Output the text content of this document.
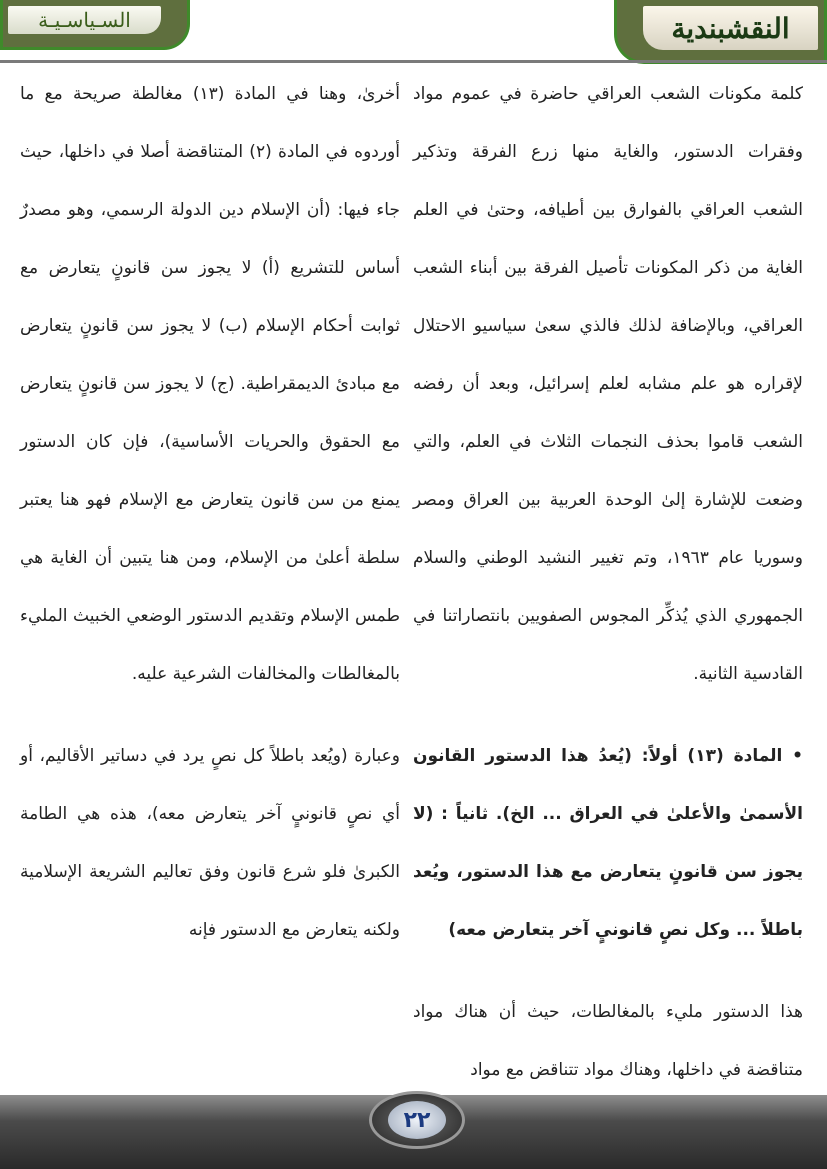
السـياسـيـة	النقشبندية

كلمة مكونات الشعب العراقي حاضرة في عموم مواد وفقرات الدستور، والغاية منها زرع الفرقة وتذكير الشعب العراقي بالفوارق بين أطيافه، وحتىٰ في العلم الغاية من ذكر المكونات تأصيل الفرقة بين أبناء الشعب العراقي، وبالإضافة لذلك فالذي سعىٰ سياسيو الاحتلال لإقراره هو علم مشابه لعلم إسرائيل، وبعد أن رفضه الشعب قاموا بحذف النجمات الثلاث في العلم، والتي وضعت للإشارة إلىٰ الوحدة العربية بين العراق ومصر وسوريا عام ١٩٦٣، وتم تغيير النشيد الوطني والسلام الجمهوري الذي يُذكِّر المجوس الصفويين بانتصاراتنا في القادسية الثانية.

• المادة (١٣) أولاً: (يُعدُ هذا الدستور القانون الأسمىٰ والأعلىٰ في العراق ... الخ). ثانياً : (لا يجوز سن قانونٍ يتعارض مع هذا الدستور، ويُعد باطلاً ... وكل نصٍ قانونيٍ آخر يتعارض معه)

هذا الدستور مليء بالمغالطات، حيث أن هناك مواد متناقضة في داخلها، وهناك مواد تتناقض مع مواد

أخرىٰ، وهنا في المادة (١٣) مغالطة صريحة مع ما أوردوه في المادة (٢) المتناقضة أصلا في داخلها، حيث جاء فيها: (أن الإسلام دين الدولة الرسمي، وهو مصدرٌ أساس للتشريع (أ) لا يجوز سن قانونٍ يتعارض مع ثوابت أحكام الإسلام (ب) لا يجوز سن قانونٍ يتعارض مع مبادئ الديمقراطية. (ج) لا يجوز سن قانونٍ يتعارض مع الحقوق والحريات الأساسية)، فإن كان الدستور يمنع من سن قانون يتعارض مع الإسلام فهو هنا يعتبر سلطة أعلىٰ من الإسلام، ومن هنا يتبين أن الغاية هي طمس الإسلام وتقديم الدستور الوضعي الخبيث المليء بالمغالطات والمخالفات الشرعية عليه.

وعبارة (ويُعد باطلاً كل نصٍ يرد في دساتير الأقاليم، أو أي نصٍ قانونيٍ آخر يتعارض معه)، هذه هي الطامة الكبرىٰ فلو شرع قانون وفق تعاليم الشريعة الإسلامية ولكنه يتعارض مع الدستور فإنه

٢٢
